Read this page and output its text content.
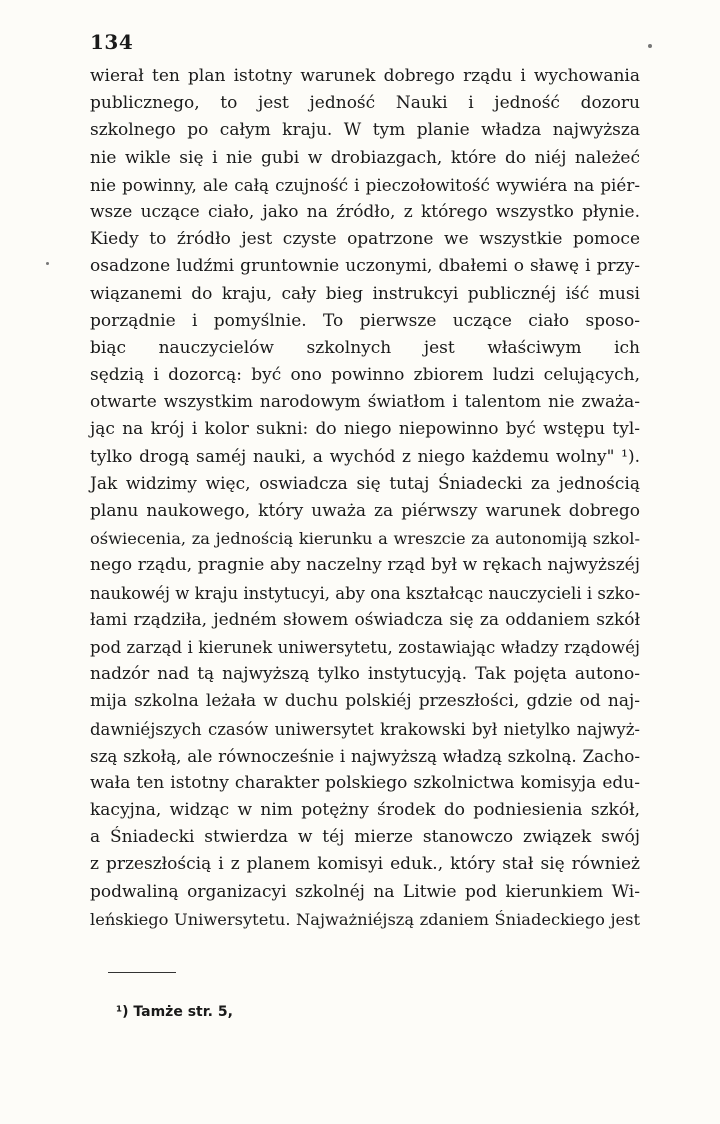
134
wierał ten plan istotny warunek dobrego rządu i wychowania
publicznego, to jest jedność Nauki i jedność dozoru
szkolnego po całym kraju. W tym planie władza najwyższa
nie wikle się i nie gubi w drobiazgach, które do niéj należeć
nie powinny, ale całą czujność i pieczołowitość wywiéra na piér-
wsze uczące ciało, jako na źródło, z którego wszystko płynie.
Kiedy to źródło jest czyste opatrzone we wszystkie pomoce
osadzone ludźmi gruntownie uczonymi, dbałemi o sławę i przy-
wiązanemi do kraju, cały bieg instrukcyi publicznéj iść musi
porządnie i pomyślnie. To pierwsze uczące ciało sposo-
biąc nauczycielów szkolnych jest właściwym ich
sędzią i dozorcą: być ono powinno zbiorem ludzi celujących,
otwarte wszystkim narodowym światłom i talentom nie zważa-
jąc na krój i kolor sukni: do niego niepowinno być wstępu tyl-
tylko drogą saméj nauki, a wychód z niego każdemu wolny" ¹).
Jak widzimy więc, oswiadcza się tutaj Śniadecki za jednością
planu naukowego, który uważa za piérwszy warunek dobrego
oświecenia, za jednością kierunku a wreszcie za autonomiją szkol-
nego rządu, pragnie aby naczelny rząd był w rękach najwyższéj
naukowéj w kraju instytucyi, aby ona kształcąc nauczycieli i szko-
łami rządziła, jedném słowem oświadcza się za oddaniem szkół
pod zarząd i kierunek uniwersytetu, zostawiając władzy rządowéj
nadzór nad tą najwyższą tylko instytucyją. Tak pojęta autono-
mija szkolna leżała w duchu polskiéj przeszłości, gdzie od naj-
dawniéjszych czasów uniwersytet krakowski był nietylko najwyż-
szą szkołą, ale równocześnie i najwyższą władzą szkolną. Zacho-
wała ten istotny charakter polskiego szkolnictwa komisyja edu-
kacyjna, widząc w nim potężny środek do podniesienia szkół,
a Śniadecki stwierdza w téj mierze stanowczo związek swój
z przeszłością i z planem komisyi eduk., który stał się również
podwaliną organizacyi szkolnéj na Litwie pod kierunkiem Wi-
leńskiego Uniwersytetu. Najważniéjszą zdaniem Śniadeckiego jest
¹) Tamże str. 5,
